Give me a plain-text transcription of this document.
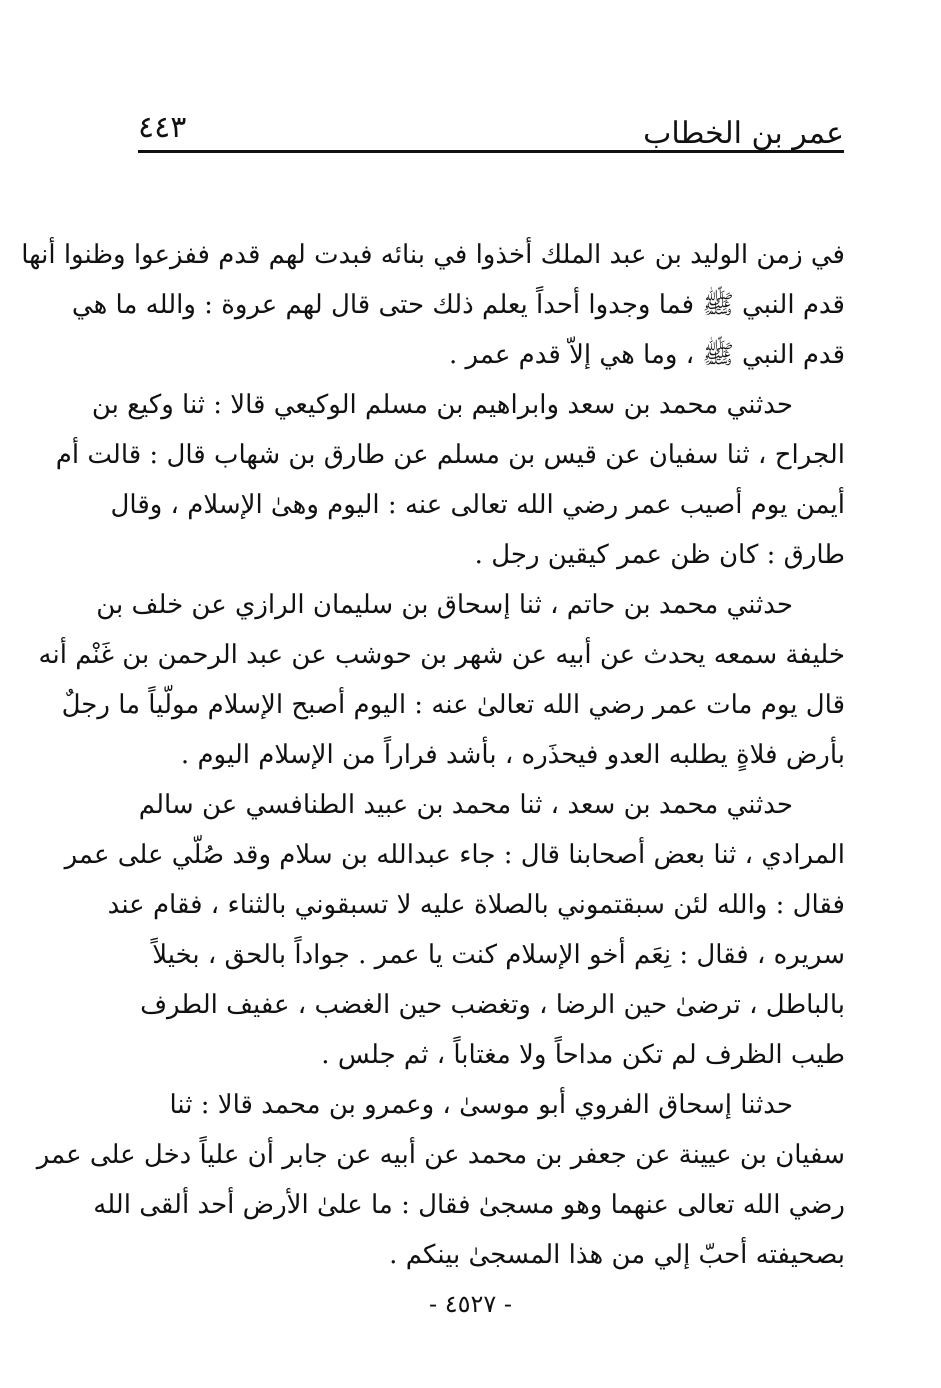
عمر بن الخطاب
٤٤٣
في زمن الوليد بن عبد الملك أخذوا في بنائه فبدت لهم قدم ففزعوا وظنوا أنها
قدم النبي ﷺ فما وجدوا أحداً يعلم ذلك حتى قال لهم عروة : والله ما هي
قدم النبي ﷺ ، وما هي إلاّ قدم عمر .
حدثني محمد بن سعد وابراهيم بن مسلم الوكيعي قالا : ثنا وكيع بن
الجراح ، ثنا سفيان عن قيس بن مسلم عن طارق بن شهاب قال : قالت أم
أيمن يوم أصيب عمر رضي الله تعالى عنه : اليوم وهىٰ الإسلام ، وقال
طارق : كان ظن عمر كيقين رجل .
حدثني محمد بن حاتم ، ثنا إسحاق بن سليمان الرازي عن خلف بن
خليفة سمعه يحدث عن أبيه عن شهر بن حوشب عن عبد الرحمن بن غَنْم أنه
قال يوم مات عمر رضي الله تعالىٰ عنه : اليوم أصبح الإسلام مولّياً ما رجلٌ
بأرض فلاةٍ يطلبه العدو فيحذَره ، بأشد فراراً من الإسلام اليوم .
حدثني محمد بن سعد ، ثنا محمد بن عبيد الطنافسي عن سالم
المرادي ، ثنا بعض أصحابنا قال : جاء عبدالله بن سلام وقد صُلّي على عمر
فقال : والله لئن سبقتموني بالصلاة عليه لا تسبقوني بالثناء ، فقام عند
سريره ، فقال : نِعَم أخو الإسلام كنت يا عمر . جواداً بالحق ، بخيلاً
بالباطل ، ترضىٰ حين الرضا ، وتغضب حين الغضب ، عفيف الطرف
طيب الظرف لم تكن مداحاً ولا مغتاباً ، ثم جلس .
حدثنا إسحاق الفروي أبو موسىٰ ، وعمرو بن محمد قالا : ثنا
سفيان بن عيينة عن جعفر بن محمد عن أبيه عن جابر أن علياً دخل على عمر
رضي الله تعالى عنهما وهو مسجىٰ فقال : ما علىٰ الأرض أحد ألقى الله
بصحيفته أحبّ إلي من هذا المسجىٰ بينكم .
- ٤٥٢٧ -
